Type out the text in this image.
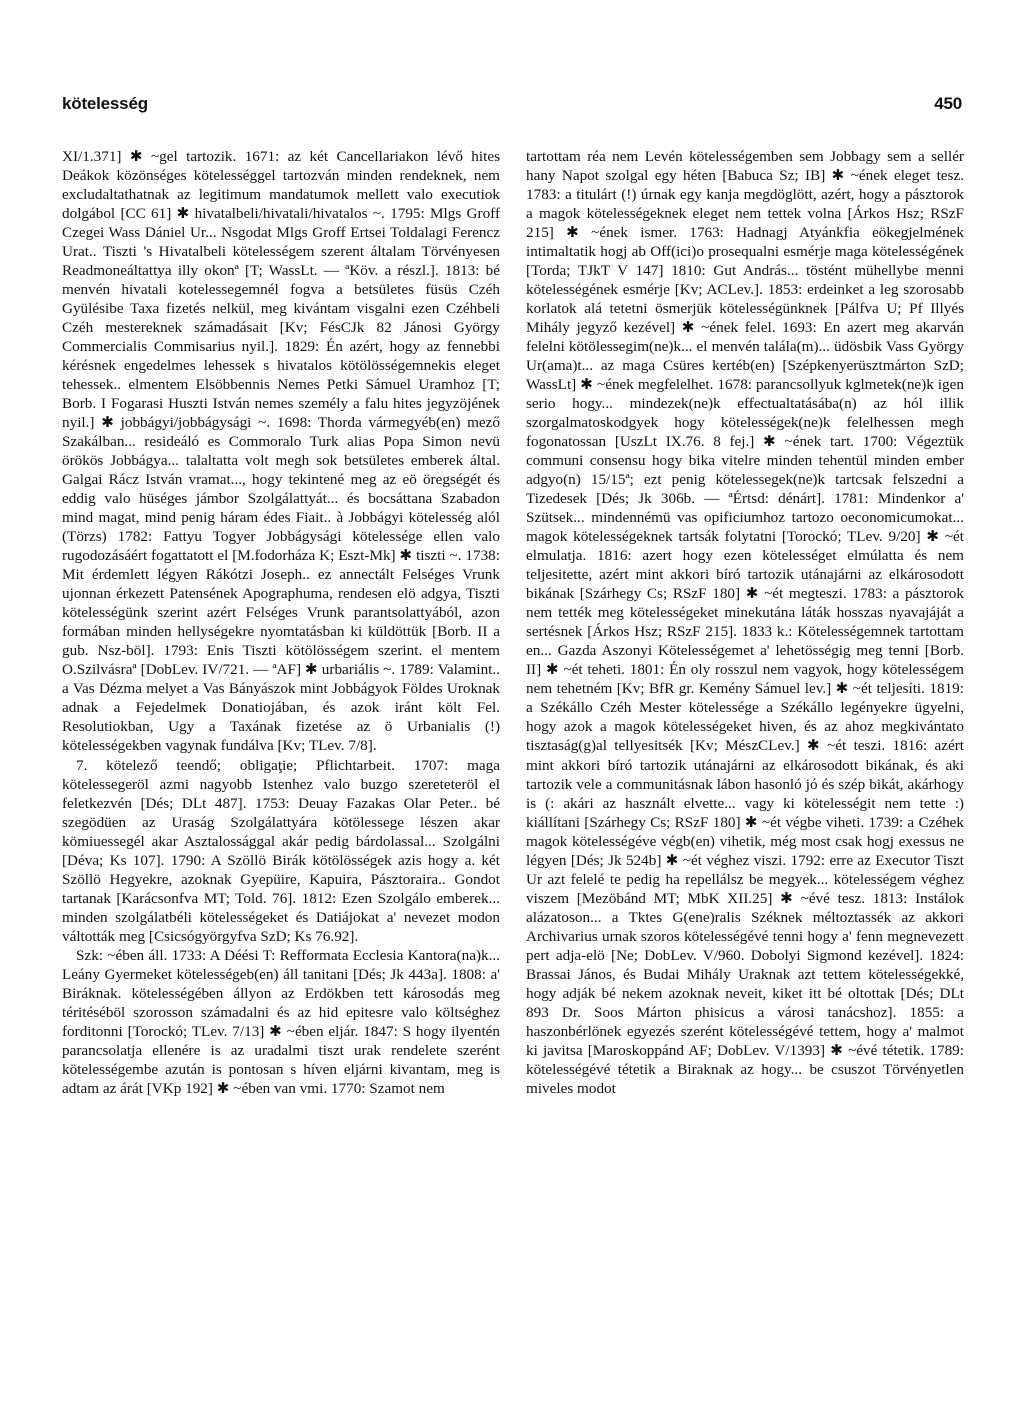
kötelesség	450

XI/1.371] ✱ ~gel tartozik. 1671: az két Cancellariakon lévő hites Deákok közönséges kötelességgel tartozván minden rendeknek, nem excludaltathatnak az legitimum mandatumok mellett valo executiok dolgábol [CC 61] ✱ hivatalbeli/hivatali/hivatalos ~. 1795: Mlgs Groff Czegei Wass Dániel Ur... Nsgodat Mlgs Groff Ertsei Toldalagi Ferencz Urat.. Tiszti 's Hivatalbeli kötelességem szerent általam Törvényesen Readmoneáltattya illy okonª [T; WassLt. — ªKöv. a részl.]. 1813: bé menvén hivatali kotelessegemnél fogva a betsületes füsüs Czéh Gyülésibe Taxa fizetés nelkül, meg kivántam visgalni ezen Czéhbeli Czéh mestereknek számadásait [Kv; FésCJk 82 Jánosi György Commercialis Commisarius nyil.]. 1829: Én azért, hogy az fennebbi kérésnek engedelmes lehessek s hivatalos kötölösségemnekis eleget tehessek.. elmentem Elsöbbennis Nemes Petki Sámuel Uramhoz [T; Borb. I Fogarasi Huszti István nemes személy a falu hites jegyzöjének nyil.] ✱ jobbágyi/jobbágysági ~. 1698: Thorda vármegyéb(en) mező Szakálban... resideáló es Commoralo Turk alias Popa Simon nevü örökös Jobbágya... talaltatta volt megh sok betsületes emberek által. Galgai Rácz István vramat..., hogy tekintené meg az eö öregségét és eddig valo hüséges jámbor Szolgálattyát... és bocsáttana Szabadon mind magat, mind penig háram édes Fiait.. à Jobbágyi kötelesség alól (Törzs) 1782: Fattyu Togyer Jobbágysági kötelessége ellen valo rugodozásáért fogattatott el [M.fodorháza K; Eszt-Mk] ✱ tiszti ~. 1738: Mit érdemlett légyen Rákótzi Joseph.. ez annectált Felséges Vrunk ujonnan érkezett Patensének Apographuma, rendesen elö adgya, Tiszti kötelességünk szerint azért Felséges Vrunk parantsolattyából, azon formában minden hellységekre nyomtatásban ki küldöttük [Borb. II a gub. Nsz-böl]. 1793: Enis Tiszti kötölösségem szerint. el mentem O.Szilvásraª [DobLev. IV/721. — ªAF] ✱ urbariális ~. 1789: Valamint.. a Vas Dézma melyet a Vas Bányászok mint Jobbágyok Földes Uroknak adnak a Fejedelmek Donatiojában, és azok iránt költ Fel. Resolutiokban, Ugy a Taxának fizetése az ö Urbanialis (!) kötelességekben vagynak fundálva [Kv; TLev. 7/8].

7. kötelező teendő; obligaţie; Pflichtarbeit. 1707: maga kötelessegeröl azmi nagyobb Istenhez valo buzgo szereteteröl el feletkezvén [Dés; DLt 487]. 1753: Deuay Fazakas Olar Peter.. bé szegödüen az Uraság Szolgálattyára kötölessege lészen akar kömiuessegél akar Asztalossággal akár pedig bárdolassal... Szolgálni [Déva; Ks 107]. 1790: A Szöllö Birák kötölösségek azis hogy a. két Szöllö Hegyekre, azoknak Gyepüire, Kapuira, Pásztoraira.. Gondot tartanak [Karácsonfva MT; Told. 76]. 1812: Ezen Szolgálo emberek... minden szolgálatbéli kötelességeket és Datiájokat a' nevezet modon váltották meg [Csicsógyörgyfva SzD; Ks 76.92].

Szk: ~ében áll. 1733: A Déési T: Refformata Ecclesia Kantora(na)k... Leány Gyermeket kötelességeb(en) áll tanitani [Dés; Jk 443a]. 1808: a' Biráknak. kötelességében állyon az Erdökben tett károsodás meg téritéséböl szorosson számadalni és az hid epitesre valo költséghez forditonni [Torockó; TLev. 7/13] ✱ ~ében eljár. 1847: S hogy ilyentén parancsolatja ellenére is az uradalmi tiszt urak rendelete szerént kötelességembe azután is pontosan s híven eljárni kivantam, meg is adtam az árát [VKp 192] ✱ ~ében van vmi. 1770: Szamot nem

tartottam réa nem Levén kötelességemben sem Jobbagy sem a sellér hany Napot szolgal egy héten [Babuca Sz; IB] ✱ ~ének eleget tesz. 1783: a titulárt (!) úrnak egy kanja megdöglött, azért, hogy a pásztorok a magok kötelességeknek eleget nem tettek volna [Árkos Hsz; RSzF 215] ✱ ~ének ismer. 1763: Hadnagj Atyánkfia eökegjelmének intimaltatik hogj ab Off(ici)o prosequalni esmérje maga kötelességének [Torda; TJkT V 147] 1810: Gut András... töstént mühellybe menni kötelességének esmérje [Kv; ACLev.]. 1853: erdeinket a leg szorosabb korlatok alá tetetni ösmerjük kötelességünknek [Pálfva U; Pf Illyés Mihály jegyző kezével] ✱ ~ének felel. 1693: En azert meg akarván felelni kötölessegim(ne)k... el menvén talála(m)... üdösbik Vass György Ur(ama)t... az maga Csüres kertéb(en) [Szépkenyerüsztmárton SzD; WassLt] ✱ ~ének megfelelhet. 1678: parancsollyuk kglmetek(ne)k igen serio hogy... mindezek(ne)k effectualtatásába(n) az hól illik szorgalmatoskodgyek hogy kötelességek(ne)k felelhessen megh fogonatossan [UszLt IX.76. 8 fej.] ✱ ~ének tart. 1700: Végeztük communi consensu hogy bika vitelre minden tehentül minden ember adgyo(n) 15/15ª; ezt penig kötelessegek(ne)k tartcsak felszedni a Tizedesek [Dés; Jk 306b. — ªÉrtsd: dénárt]. 1781: Mindenkor a' Szütsek... mindennémü vas opificiumhoz tartozo oeconomicumokat... magok kötelességeknek tartsák folytatni [Torockó; TLev. 9/20] ✱ ~ét elmulatja. 1816: azert hogy ezen kötelességet elmúlatta és nem teljesitette, azért mint akkori bíró tartozik utánajárni az elkárosodott bikának [Szárhegy Cs; RSzF 180] ✱ ~ét megteszi. 1783: a pásztorok nem tették meg kötelességeket minekutána láták hosszas nyavajáját a sertésnek [Árkos Hsz; RSzF 215]. 1833 k.: Kötelességemnek tartottam en... Gazda Aszonyi Kötelességemet a' lehetösségig meg tenni [Borb. II] ✱ ~ét teheti. 1801: Én oly rosszul nem vagyok, hogy kötelességem nem tehetném [Kv; BfR gr. Kemény Sámuel lev.] ✱ ~ét teljesíti. 1819: a Székállo Czéh Mester kötelessége a Székállo legényekre ügyelni, hogy azok a magok kötelességeket hiven, és az ahoz megkivántato tisztaság(g)al tellyesitsék [Kv; MészCLev.] ✱ ~ét teszi. 1816: azért mint akkori bíró tartozik utánajárni az elkárosodott bikának, és aki tartozik vele a communitásnak lábon hasonló jó és szép bikát, akárhogy is (: akári az használt elvette... vagy ki kötelességit nem tette :) kiállítani [Szárhegy Cs; RSzF 180] ✱ ~ét végbe viheti. 1739: a Czéhek magok kötelességéve végb(en) vihetik, még most csak hogj exessus ne légyen [Dés; Jk 524b] ✱ ~ét véghez viszi. 1792: erre az Executor Tiszt Ur azt felelé te pedig ha repellálsz be megyek... kötelességem véghez viszem [Mezöbánd MT; MbK XII.25] ✱ ~évé tesz. 1813: Instálok alázatoson... a Tktes G(ene)ralis Széknek méltoztassék az akkori Archivarius urnak szoros kötelességévé tenni hogy a' fenn megnevezett pert adja-elö [Ne; DobLev. V/960. Dobolyi Sigmond kezével]. 1824: Brassai János, és Budai Mihály Uraknak azt tettem kötelességekké, hogy adják bé nekem azoknak neveit, kiket itt bé oltottak [Dés; DLt 893 Dr. Soos Márton phisicus a városi tanácshoz]. 1855: a haszonbérlönek egyezés szerént kötelességévé tettem, hogy a' malmot ki javitsa [Maroskoppánd AF; DobLev. V/1393] ✱ ~évé tétetik. 1789: kötelességévé tétetik a Biraknak az hogy... be csuszot Törvényetlen miveles modot
